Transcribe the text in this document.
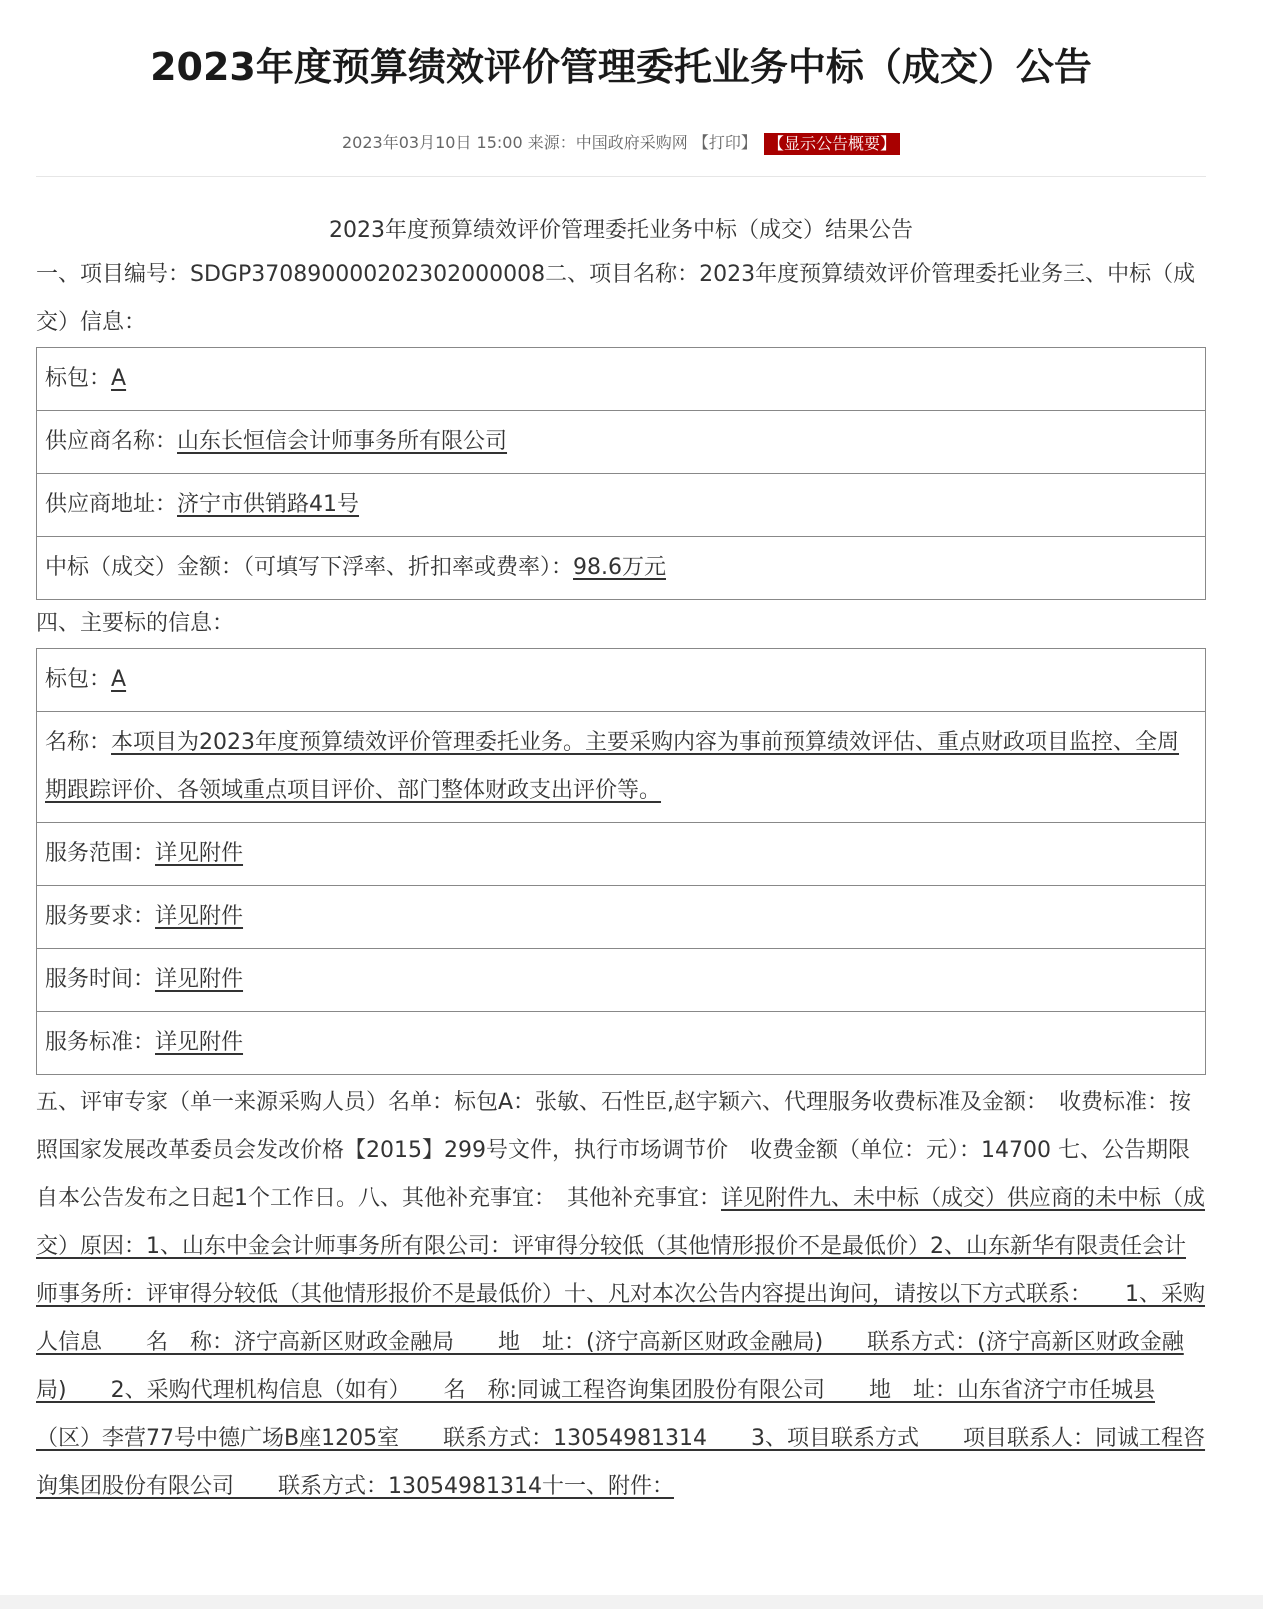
2023年度预算绩效评价管理委托业务中标（成交）公告
2023年03月10日 15:00 来源：中国政府采购网 【打印】 【显示公告概要】
2023年度预算绩效评价管理委托业务中标（成交）结果公告

一、项目编号：SDGP370890000202302000008二、项目名称：2023年度预算绩效评价管理委托业务三、中标（成交）信息：

标包：A
供应商名称：山东长恒信会计师事务所有限公司
供应商地址：济宁市供销路41号
中标（成交）金额：（可填写下浮率、折扣率或费率）：98.6万元

四、主要标的信息：

标包：A
名称：本项目为2023年度预算绩效评价管理委托业务。主要采购内容为事前预算绩效评估、重点财政项目监控、全周期跟踪评价、各领域重点项目评价、部门整体财政支出评价等。
服务范围：详见附件
服务要求：详见附件
服务时间：详见附件
服务标准：详见附件

五、评审专家（单一来源采购人员）名单：标包A：张敏、石性臣,赵宇颖六、代理服务收费标准及金额：　收费标准：按照国家发展改革委员会发改价格【2015】299号文件，执行市场调节价　收费金额（单位：元）：14700 七、公告期限　自本公告发布之日起1个工作日。八、其他补充事宜：　其他补充事宜：详见附件九、未中标（成交）供应商的未中标（成交）原因：1、山东中金会计师事务所有限公司：评审得分较低（其他情形报价不是最低价）2、山东新华有限责任会计师事务所：评审得分较低（其他情形报价不是最低价）十、凡对本次公告内容提出询问，请按以下方式联系：　　1、采购人信息　　名　称：济宁高新区财政金融局　　地　址：(济宁高新区财政金融局)　　联系方式：(济宁高新区财政金融局)　　2、采购代理机构信息（如有）　　名　称:同诚工程咨询集团股份有限公司　　地　址：山东省济宁市任城县（区）李营77号中德广场B座1205室　　联系方式：13054981314　　3、项目联系方式　　项目联系人：同诚工程咨询集团股份有限公司　　联系方式：13054981314十一、附件：
